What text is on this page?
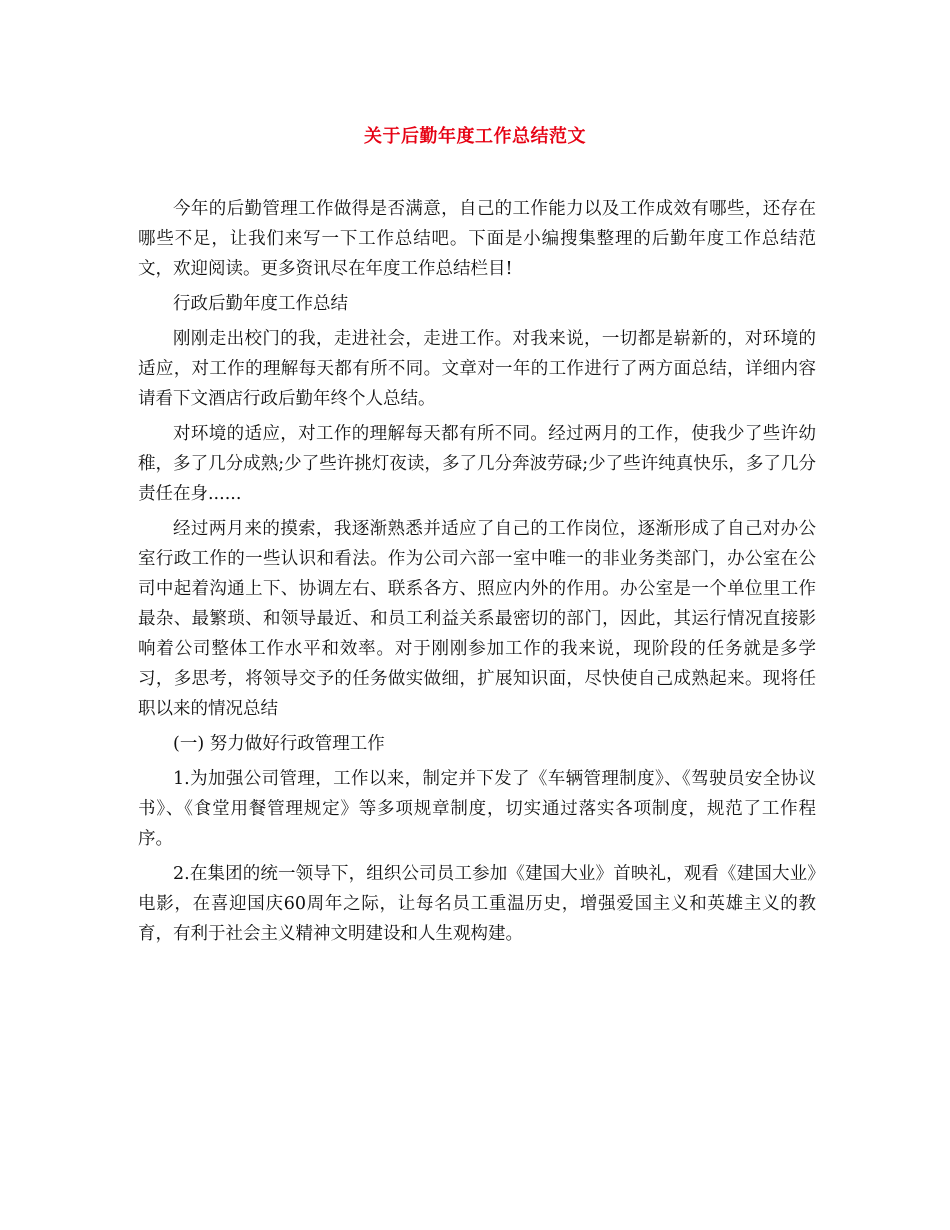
关于后勤年度工作总结范文

今年的后勤管理工作做得是否满意，自己的工作能力以及工作成效有哪些，还存在哪些不足，让我们来写一下工作总结吧。下面是小编搜集整理的后勤年度工作总结范文，欢迎阅读。更多资讯尽在年度工作总结栏目!

行政后勤年度工作总结

刚刚走出校门的我，走进社会，走进工作。对我来说，一切都是崭新的，对环境的适应，对工作的理解每天都有所不同。文章对一年的工作进行了两方面总结，详细内容请看下文酒店行政后勤年终个人总结。

对环境的适应，对工作的理解每天都有所不同。经过两月的工作，使我少了些许幼稚，多了几分成熟;少了些许挑灯夜读，多了几分奔波劳碌;少了些许纯真快乐，多了几分责任在身......

经过两月来的摸索，我逐渐熟悉并适应了自己的工作岗位，逐渐形成了自己对办公室行政工作的一些认识和看法。作为公司六部一室中唯一的非业务类部门，办公室在公司中起着沟通上下、协调左右、联系各方、照应内外的作用。办公室是一个单位里工作最杂、最繁琐、和领导最近、和员工利益关系最密切的部门，因此，其运行情况直接影响着公司整体工作水平和效率。对于刚刚参加工作的我来说，现阶段的任务就是多学习，多思考，将领导交予的任务做实做细，扩展知识面，尽快使自己成熟起来。现将任职以来的情况总结

(一) 努力做好行政管理工作

1.为加强公司管理，工作以来，制定并下发了《车辆管理制度》、《驾驶员安全协议书》、《食堂用餐管理规定》等多项规章制度，切实通过落实各项制度，规范了工作程序。

2.在集团的统一领导下，组织公司员工参加《建国大业》首映礼，观看《建国大业》电影，在喜迎国庆60周年之际，让每名员工重温历史，增强爱国主义和英雄主义的教育，有利于社会主义精神文明建设和人生观构建。
